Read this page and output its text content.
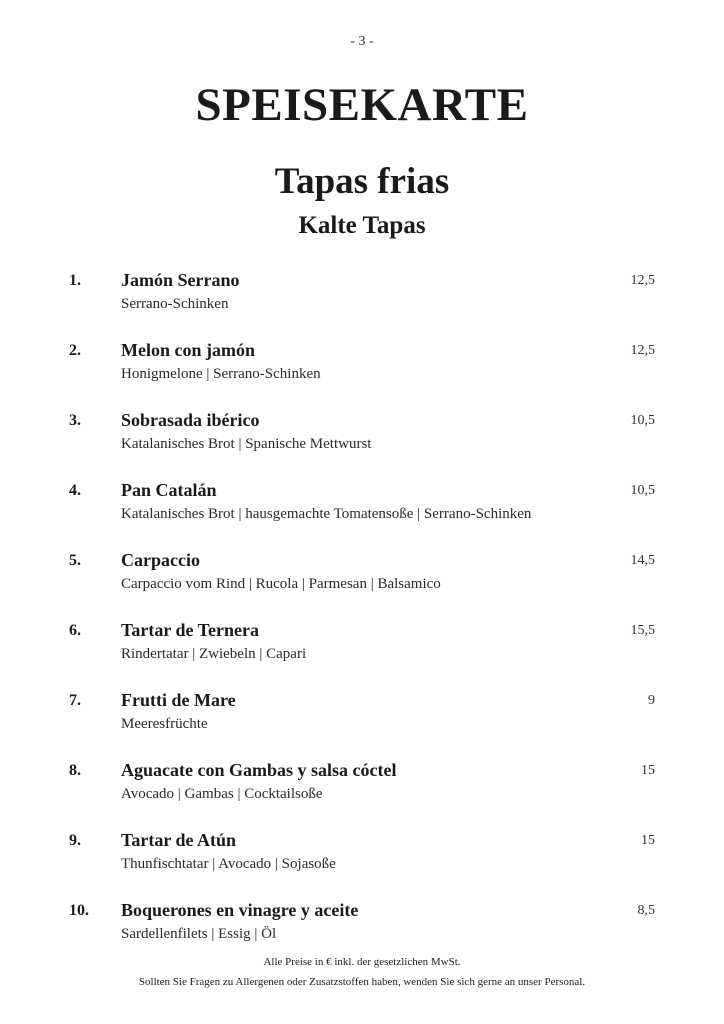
- 3 -
SPEISEKARTE
Tapas frias
Kalte Tapas
1. Jamón Serrano
Serrano-Schinken
12,5
2. Melon con jamón
Honigmelone | Serrano-Schinken
12,5
3. Sobrasada ibérico
Katalanisches Brot | Spanische Mettwurst
10,5
4. Pan Catalán
Katalanisches Brot | hausgemachte Tomatensoße | Serrano-Schinken
10,5
5. Carpaccio
Carpaccio vom Rind | Rucola | Parmesan | Balsamico
14,5
6. Tartar de Ternera
Rindertatar | Zwiebeln | Capari
15,5
7. Frutti de Mare
Meeresfrüchte
9
8. Aguacate con Gambas y salsa cóctel
Avocado | Gambas | Cocktailsoße
15
9. Tartar de Atún
Thunfischtatar | Avocado | Sojasoße
15
10. Boquerones en vinagre y aceite
Sardellenfilets | Essig | Öl
8,5
Alle Preise in € inkl. der gesetzlichen MwSt.
Sollten Sie Fragen zu Allergenen oder Zusatzstoffen haben, wenden Sie sich gerne an unser Personal.
